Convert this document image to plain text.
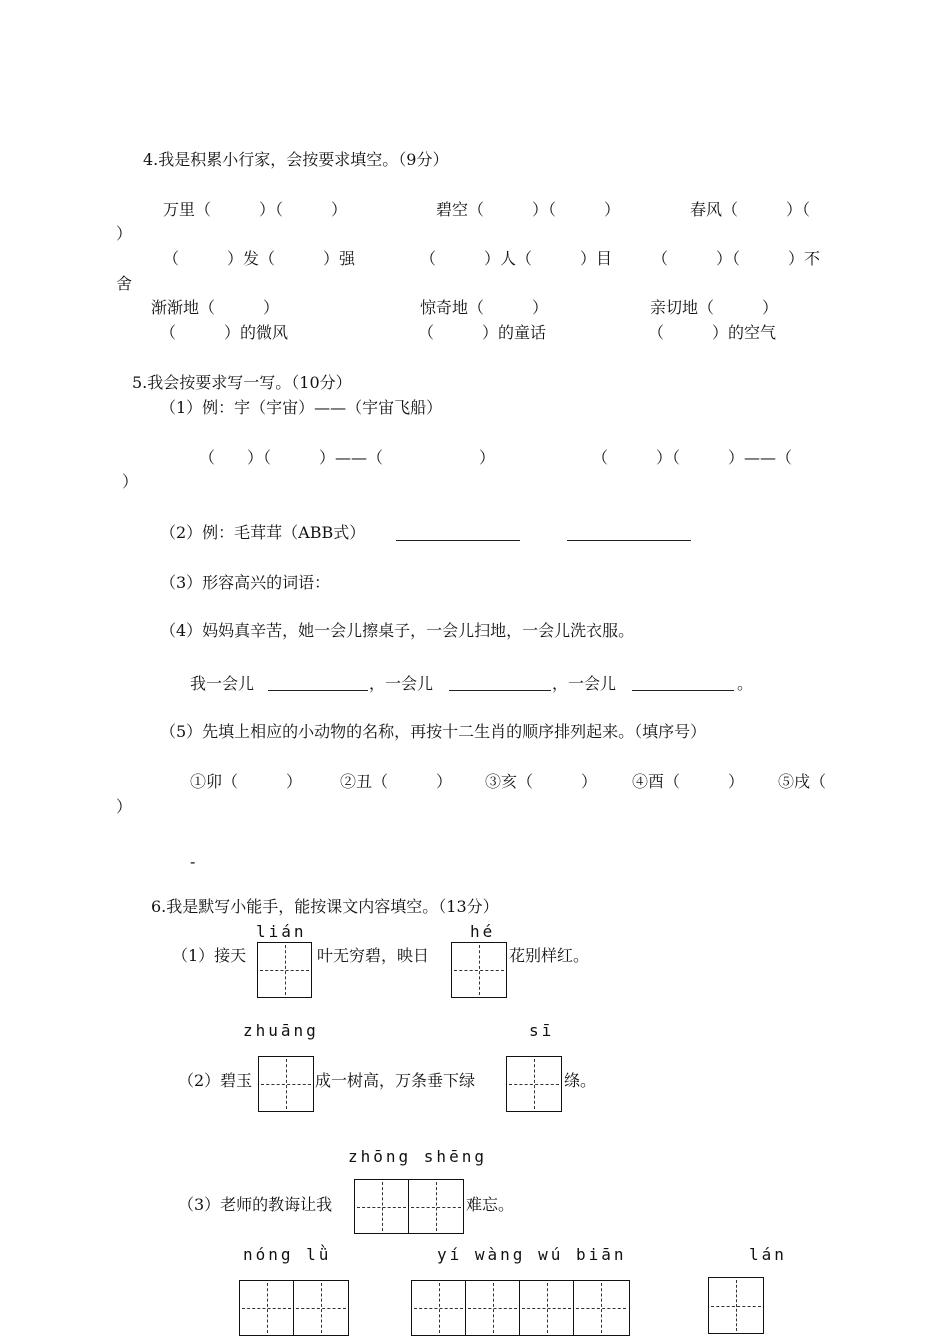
4.我是积累小行家，会按要求填空。（9分）
万里（　　　）（　　　）	碧空（　　　）（　　　）	春风（　　　）（
）
（　　　）发（　　　）强	（　　　）人（　　　）目 （　　　）（　　　）不
舍
渐渐地（　　　）	惊奇地（　　　）	亲切地（　　　）
（　　　）的微风	（　　　）的童话	（　　　）的空气
5.我会按要求写一写。（10分）
（1）例：宇（宇宙）——（宇宙飞船）
（　　）（　　　）——（　　　　　　）	（　　　）（　　　）——（
）
（2）例：毛茸茸（ABB式）
（3）形容高兴的词语：
（4）妈妈真辛苦，她一会儿擦桌子，一会儿扫地，一会儿洗衣服。
我一会儿	，一会儿	，一会儿	。
（5）先填上相应的小动物的名称，再按十二生肖的顺序排列起来。（填序号）
①卯（　　　） ②丑（　　　） ③亥（　　　） ④酉（　　　） ⑤戌（
）
-
6.我是默写小能手，能按课文内容填空。（13分）
lián	hé
（1）接天	叶无穷碧，映日	花别样红。
zhuāng	sī
（2）碧玉	成一树高，万条垂下绿	绦。
zhōng shēng
（3）老师的教诲让我	难忘。
nóng lǜ	yí wàng wú biān	lán
